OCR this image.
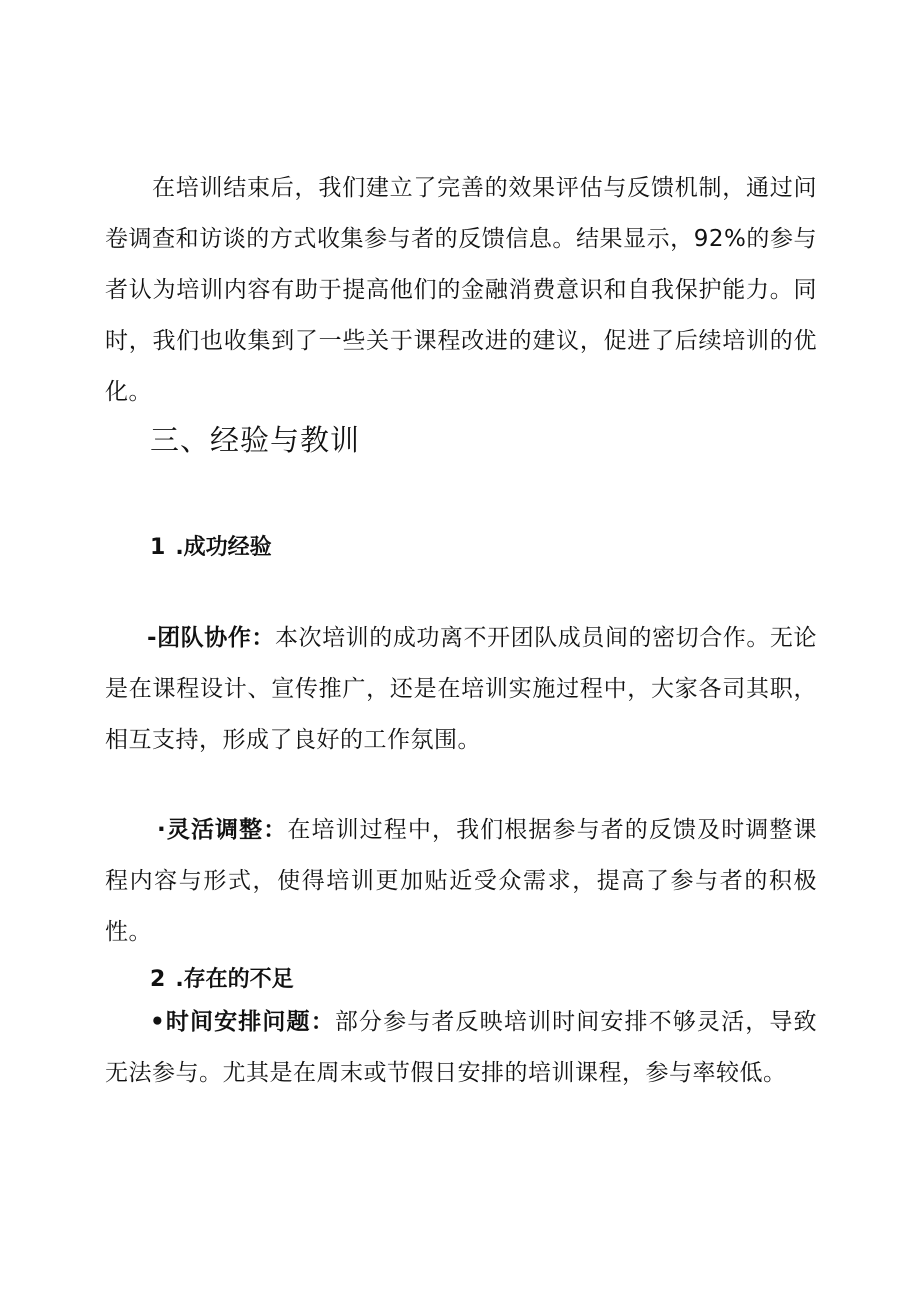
在培训结束后，我们建立了完善的效果评估与反馈机制，通过问卷调查和访谈的方式收集参与者的反馈信息。结果显示，92%的参与者认为培训内容有助于提高他们的金融消费意识和自我保护能力。同时，我们也收集到了一些关于课程改进的建议，促进了后续培训的优化。

三、经验与教训
1 .成功经验

-团队协作：本次培训的成功离不开团队成员间的密切合作。无论是在课程设计、宣传推广，还是在培训实施过程中，大家各司其职，相互支持，形成了良好的工作氛围。

·灵活调整：在培训过程中，我们根据参与者的反馈及时调整课程内容与形式，使得培训更加贴近受众需求，提高了参与者的积极性。

2 .存在的不足

•时间安排问题：部分参与者反映培训时间安排不够灵活，导致无法参与。尤其是在周末或节假日安排的培训课程，参与率较低。
